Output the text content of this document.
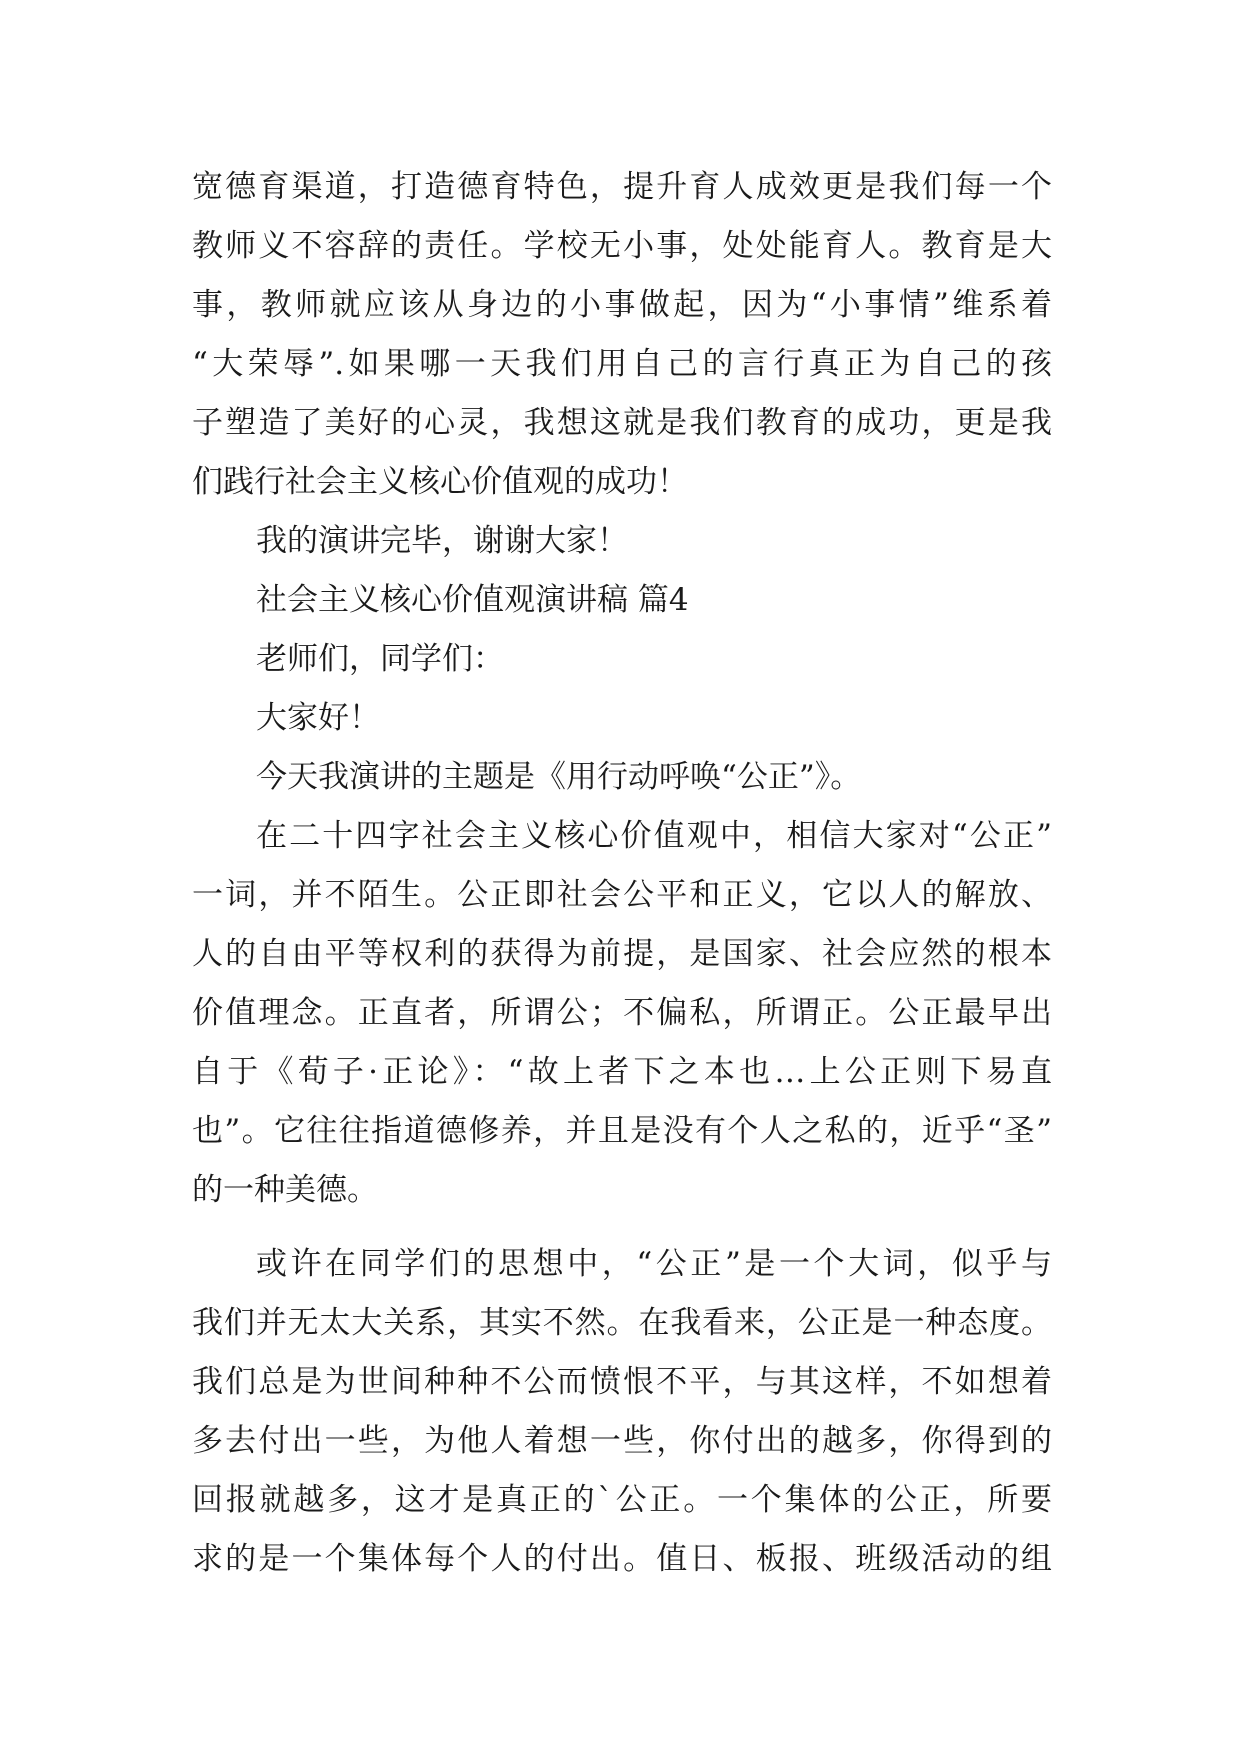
宽德育渠道，打造德育特色，提升育人成效更是我们每一个
教师义不容辞的责任。学校无小事，处处能育人。教育是大
事，教师就应该从身边的小事做起，因为“小事情”维系着
“大荣辱”.如果哪一天我们用自己的言行真正为自己的孩
子塑造了美好的心灵，我想这就是我们教育的成功，更是我
们践行社会主义核心价值观的成功！
我的演讲完毕，谢谢大家！
社会主义核心价值观演讲稿 篇4
老师们，同学们：
大家好！
今天我演讲的主题是《用行动呼唤“公正”》。
在二十四字社会主义核心价值观中，相信大家对“公正”
一词，并不陌生。公正即社会公平和正义，它以人的解放、
人的自由平等权利的获得为前提，是国家、社会应然的根本
价值理念。正直者，所谓公；不偏私，所谓正。公正最早出
自于《荀子·正论》：“故上者下之本也…上公正则下易直
也”。它往往指道德修养，并且是没有个人之私的，近乎“圣”
的一种美德。
或许在同学们的思想中，“公正”是一个大词，似乎与
我们并无太大关系，其实不然。在我看来，公正是一种态度。
我们总是为世间种种不公而愤恨不平，与其这样，不如想着
多去付出一些，为他人着想一些，你付出的越多，你得到的
回报就越多，这才是真正的`公正。一个集体的公正，所要
求的是一个集体每个人的付出。值日、板报、班级活动的组
